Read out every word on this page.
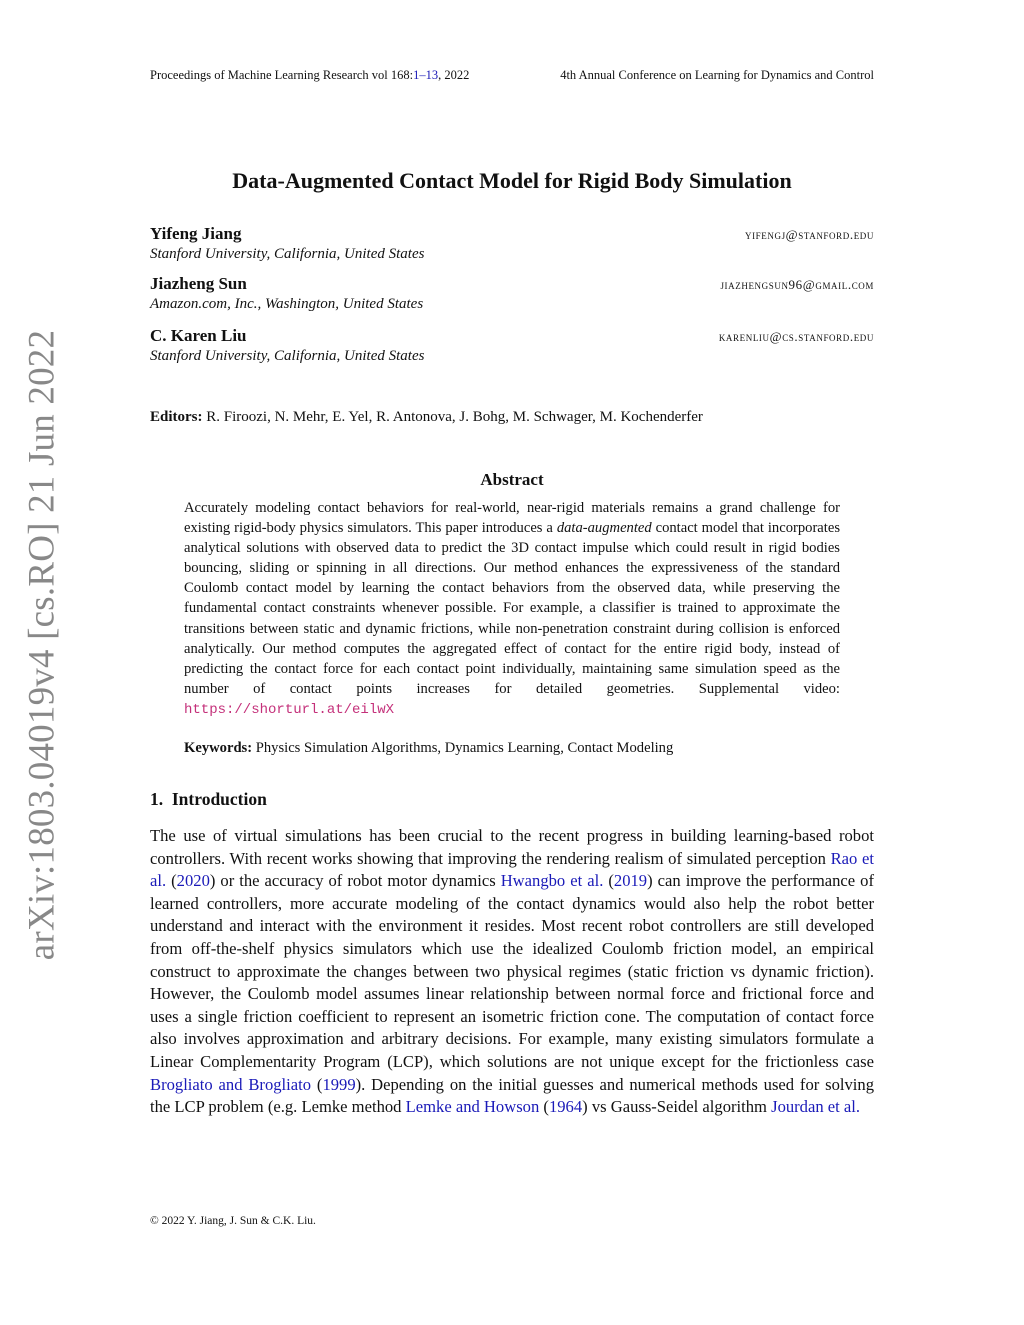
Proceedings of Machine Learning Research vol 168:1–13, 2022	4th Annual Conference on Learning for Dynamics and Control
arXiv:1803.04019v4 [cs.RO] 21 Jun 2022
Data-Augmented Contact Model for Rigid Body Simulation
Yifeng Jiang	yifengj@stanford.edu
Stanford University, California, United States
Jiazheng Sun	jiazhengsun96@gmail.com
Amazon.com, Inc., Washington, United States
C. Karen Liu	karenliu@cs.stanford.edu
Stanford University, California, United States
Editors: R. Firoozi, N. Mehr, E. Yel, R. Antonova, J. Bohg, M. Schwager, M. Kochenderfer
Abstract
Accurately modeling contact behaviors for real-world, near-rigid materials remains a grand challenge for existing rigid-body physics simulators. This paper introduces a data-augmented contact model that incorporates analytical solutions with observed data to predict the 3D contact impulse which could result in rigid bodies bouncing, sliding or spinning in all directions. Our method enhances the expressiveness of the standard Coulomb contact model by learning the contact behaviors from the observed data, while preserving the fundamental contact constraints whenever possible. For example, a classifier is trained to approximate the transitions between static and dynamic frictions, while non-penetration constraint during collision is enforced analytically. Our method computes the aggregated effect of contact for the entire rigid body, instead of predicting the contact force for each contact point individually, maintaining same simulation speed as the number of contact points increases for detailed geometries. Supplemental video: https://shorturl.at/eilwX
Keywords: Physics Simulation Algorithms, Dynamics Learning, Contact Modeling
1. Introduction
The use of virtual simulations has been crucial to the recent progress in building learning-based robot controllers. With recent works showing that improving the rendering realism of simulated perception Rao et al. (2020) or the accuracy of robot motor dynamics Hwangbo et al. (2019) can improve the performance of learned controllers, more accurate modeling of the contact dynamics would also help the robot better understand and interact with the environment it resides. Most recent robot controllers are still developed from off-the-shelf physics simulators which use the idealized Coulomb friction model, an empirical construct to approximate the changes between two physical regimes (static friction vs dynamic friction). However, the Coulomb model assumes linear relationship between normal force and frictional force and uses a single friction coefficient to represent an isometric friction cone. The computation of contact force also involves approximation and arbitrary decisions. For example, many existing simulators formulate a Linear Complementarity Program (LCP), which solutions are not unique except for the frictionless case Brogliato and Brogliato (1999). Depending on the initial guesses and numerical methods used for solving the LCP problem (e.g. Lemke method Lemke and Howson (1964) vs Gauss-Seidel algorithm Jourdan et al.
© 2022 Y. Jiang, J. Sun & C.K. Liu.
